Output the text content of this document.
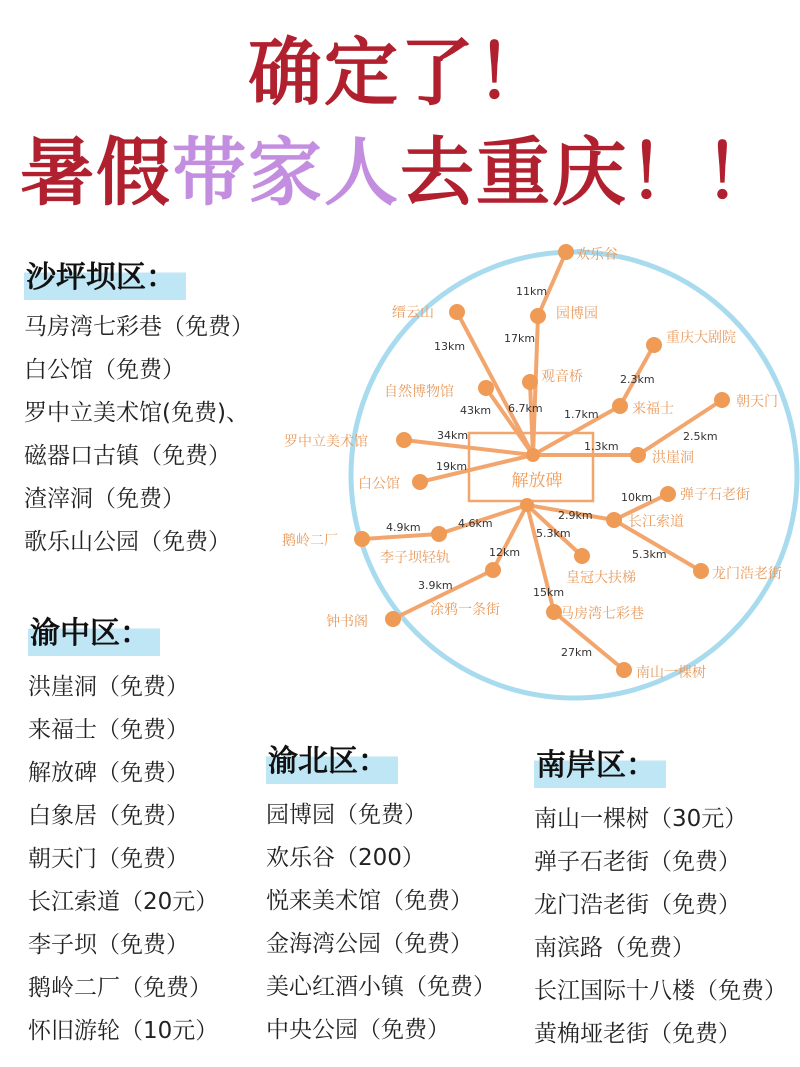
确定了！
暑假带家人去重庆！！
解放碑
欢乐谷
园博园
缙云山
重庆大剧院
观音桥
自然博物馆
来福士	朝天门
罗中立美术馆
洪崖洞
白公馆
弹子石老街
长江索道
鹅岭二厂
李子坝轻轨
皇冠大扶梯	龙门浩老街
涂鸦一条街
钟书阁	马房湾七彩巷
南山一棵树
11km
17km
13km
2.3km
6.7km
43km	1.7km
2.5km
34km
1.3km
19km
10km
2.9km
4.9km	4.6km
5.3km
5.3km
12km
3.9km
15km
27km
沙坪坝区：
马房湾七彩巷（免费）
白公馆（免费）
罗中立美术馆(免费)、
磁器口古镇（免费）
渣滓洞（免费）
歌乐山公园（免费）
渝中区：
洪崖洞（免费）
来福士（免费）
解放碑（免费）
白象居（免费）
朝天门（免费）
长江索道（20元）
李子坝（免费）
鹅岭二厂（免费）
怀旧游轮（10元）
渝北区：
园博园（免费）
欢乐谷（200）
悦来美术馆（免费）
金海湾公园（免费）
美心红酒小镇（免费）
中央公园（免费）
南岸区：
南山一棵树（30元）
弹子石老街（免费）
龙门浩老街（免费）
南滨路（免费）
长江国际十八楼（免费）
黄桷垭老街（免费）
